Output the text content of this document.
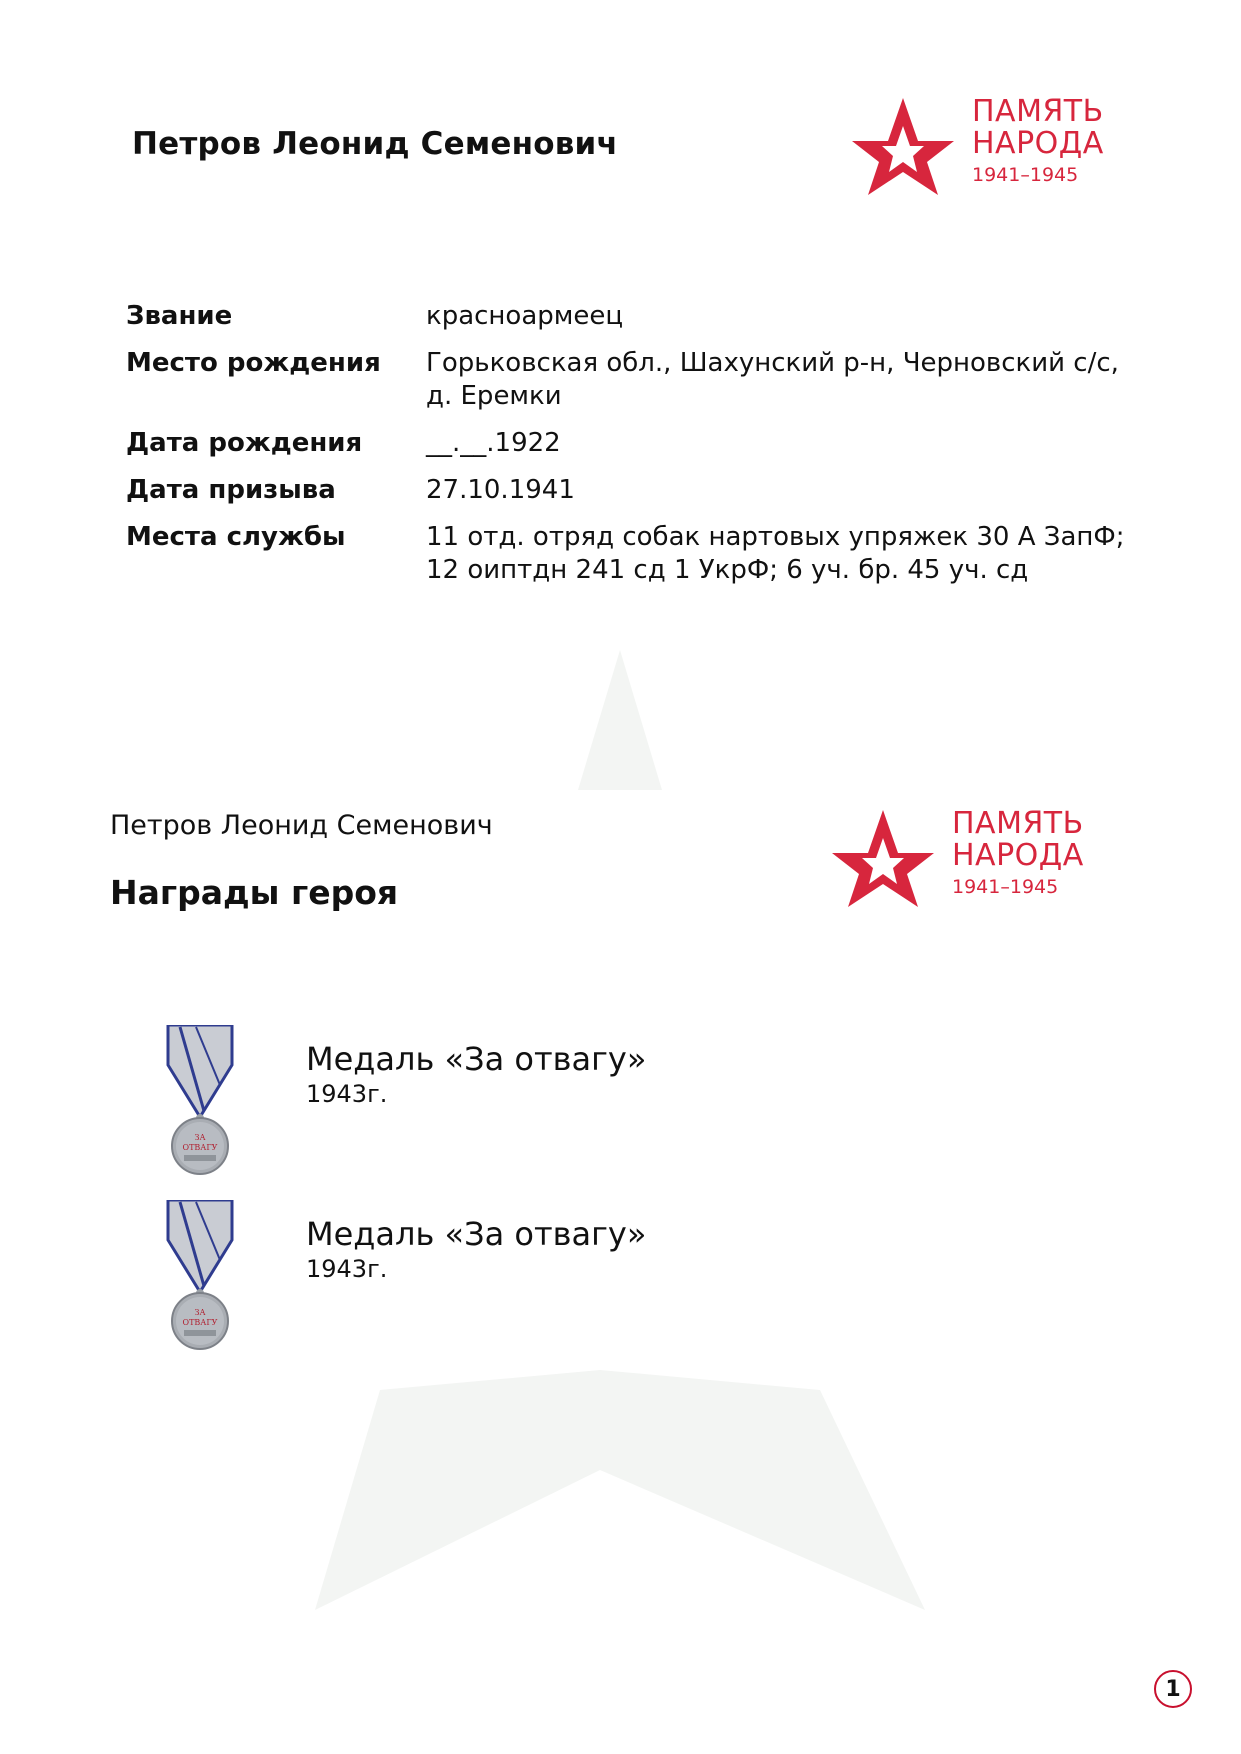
Петров Леонид Семенович
ПАМЯТЬ
НАРОДА
1941–1945
Звание	красноармеец
Место рождения	Горьковская обл., Шахунский р-н, Черновский с/с, д. Еремки
Дата рождения	__.__.1922
Дата призыва	27.10.1941
Места службы	11 отд. отряд собак нартовых упряжек 30 А ЗапФ; 12 оиптдн 241 сд 1 УкрФ; 6 уч. бр. 45 уч. сд
Петров Леонид Семенович
Награды героя
ПАМЯТЬ
НАРОДА
1941–1945
ЗА
ОТВАГУ
Медаль «За отвагу»
1943г.
ЗА
ОТВАГУ
Медаль «За отвагу»
1943г.
1
